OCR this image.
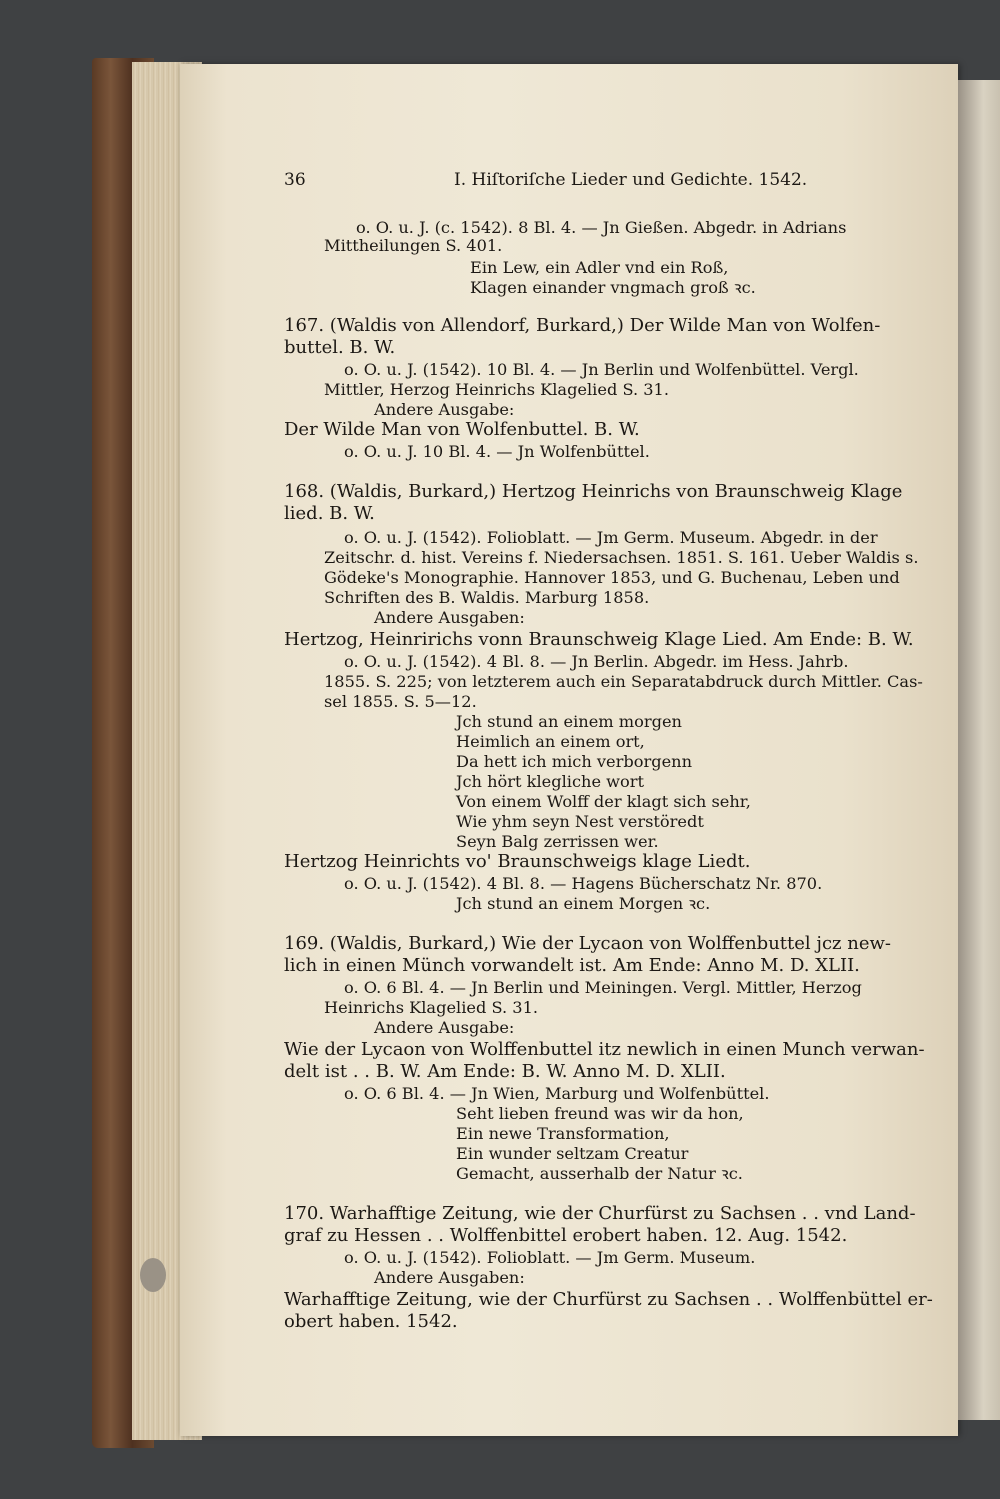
36	I. Hiſtoriſche Lieder und Gedichte. 1542.
o. O. u. J. (c. 1542). 8 Bl. 4. — Jn Gießen. Abgedr. in Adrians
Mittheilungen S. 401.
Ein Lew, ein Adler vnd ein Roß,
Klagen einander vngmach groß ꝛc.
167. (Waldis von Allendorf, Burkard,) Der Wilde Man von Wolfen-
buttel. B. W.
o. O. u. J. (1542). 10 Bl. 4. — Jn Berlin und Wolfenbüttel. Vergl.
Mittler, Herzog Heinrichs Klagelied S. 31.
Andere Ausgabe:
Der Wilde Man von Wolfenbuttel. B. W.
o. O. u. J. 10 Bl. 4. — Jn Wolfenbüttel.
168. (Waldis, Burkard,) Hertzog Heinrichs von Braunschweig Klage
lied. B. W.
o. O. u. J. (1542). Folioblatt. — Jm Germ. Museum. Abgedr. in der
Zeitschr. d. hist. Vereins f. Niedersachsen. 1851. S. 161. Ueber Waldis s.
Gödeke's Monographie. Hannover 1853, und G. Buchenau, Leben und
Schriften des B. Waldis. Marburg 1858.
Andere Ausgaben:
Hertzog, Heinririchs vonn Braunschweig Klage Lied. Am Ende: B. W.
o. O. u. J. (1542). 4 Bl. 8. — Jn Berlin. Abgedr. im Hess. Jahrb.
1855. S. 225; von letzterem auch ein Separatabdruck durch Mittler. Cas-
sel 1855. S. 5—12.
Jch stund an einem morgen
Heimlich an einem ort,
Da hett ich mich verborgenn
Jch hört klegliche wort
Von einem Wolff der klagt sich sehr,
Wie yhm seyn Nest verstöredt
Seyn Balg zerrissen wer.
Hertzog Heinrichts vo' Braunschweigs klage Liedt.
o. O. u. J. (1542). 4 Bl. 8. — Hagens Bücherschatz Nr. 870.
Jch stund an einem Morgen ꝛc.
169. (Waldis, Burkard,) Wie der Lycaon von Wolffenbuttel jcz new-
lich in einen Münch vorwandelt ist. Am Ende: Anno M. D. XLII.
o. O. 6 Bl. 4. — Jn Berlin und Meiningen. Vergl. Mittler, Herzog
Heinrichs Klagelied S. 31.
Andere Ausgabe:
Wie der Lycaon von Wolffenbuttel itz newlich in einen Munch verwan-
delt ist . . B. W. Am Ende: B. W. Anno M. D. XLII.
o. O. 6 Bl. 4. — Jn Wien, Marburg und Wolfenbüttel.
Seht lieben freund was wir da hon,
Ein newe Transformation,
Ein wunder seltzam Creatur
Gemacht, ausserhalb der Natur ꝛc.
170. Warhafftige Zeitung, wie der Churfürst zu Sachsen . . vnd Land-
graf zu Hessen . . Wolffenbittel erobert haben. 12. Aug. 1542.
o. O. u. J. (1542). Folioblatt. — Jm Germ. Museum.
Andere Ausgaben:
Warhafftige Zeitung, wie der Churfürst zu Sachsen . . Wolffenbüttel er-
obert haben. 1542.
